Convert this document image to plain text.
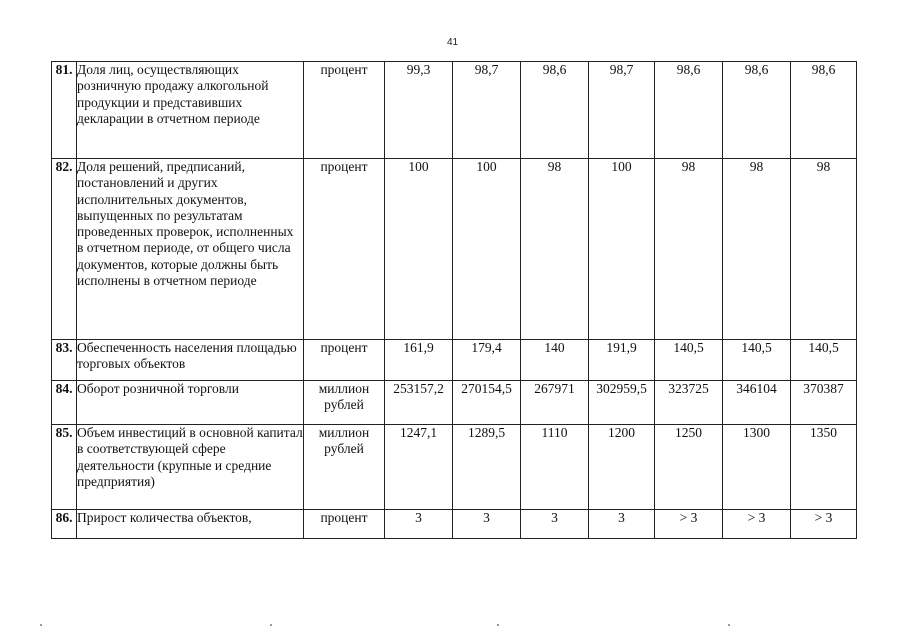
41
81.	Доля лиц, осуществляющих розничную продажу алкогольной продукции и представивших декларации в отчетном периоде	процент	99,3	98,7	98,6	98,7	98,6	98,6	98,6
82.	Доля решений, предписаний, постановлений и других исполнительных документов, выпущенных по результатам проведенных проверок, исполненных в отчетном периоде, от общего числа документов, которые должны быть исполнены в отчетном периоде	процент	100	100	98	100	98	98	98
83.	Обеспеченность населения площадью торговых объектов	процент	161,9	179,4	140	191,9	140,5	140,5	140,5
84.	Оборот розничной торговли	миллион рублей	253157,2	270154,5	267971	302959,5	323725	346104	370387
85.	Объем инвестиций в основной капитал в соответствующей сфере деятельности (крупные и средние предприятия)	миллион рублей	1247,1	1289,5	1110	1200	1250	1300	1350
86.	Прирост количества объектов,	процент	3	3	3	3	> 3	> 3	> 3
